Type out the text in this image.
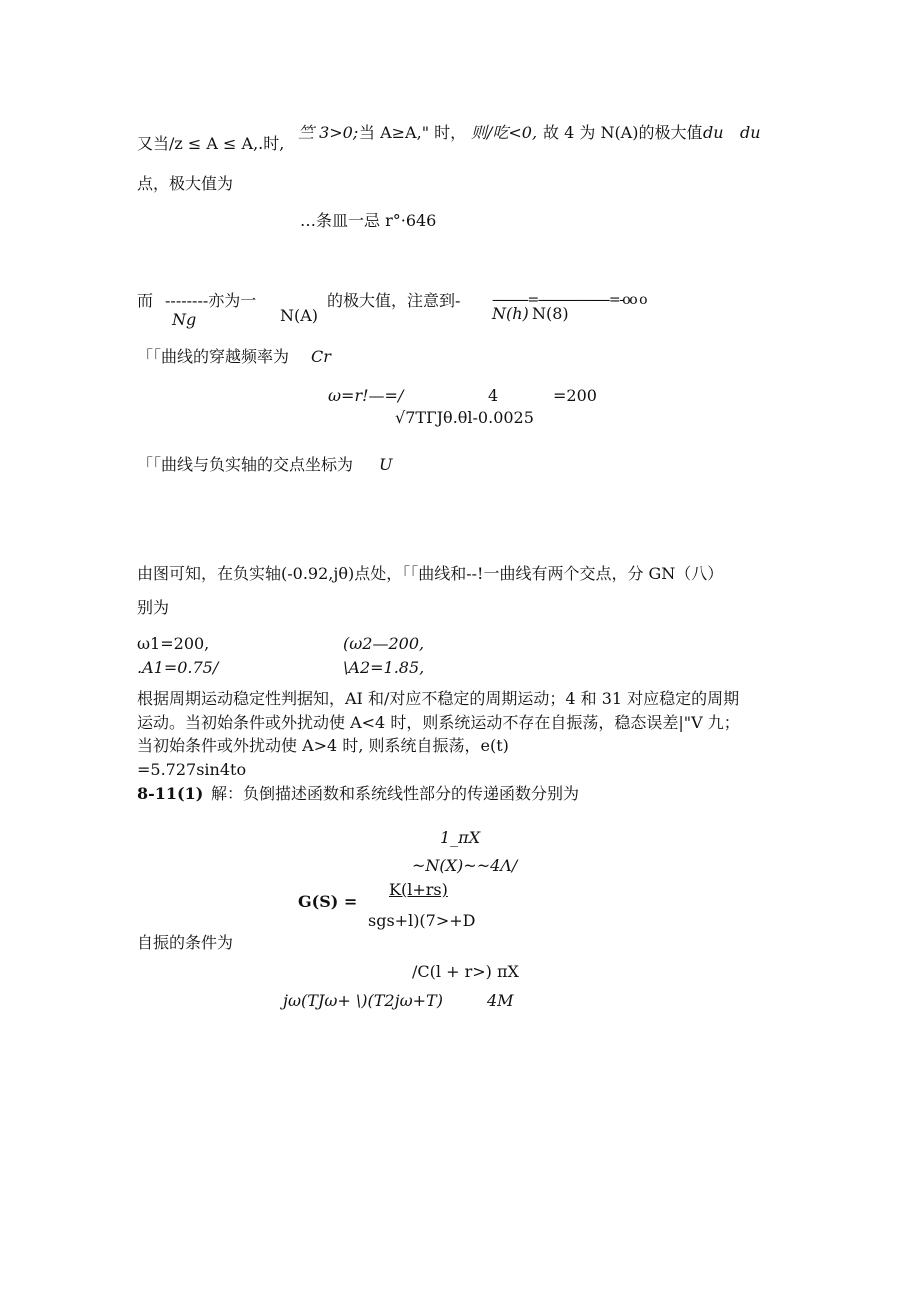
又当/z ≤ A ≤ A,.时,
竺 3>0; 当 A≥A," 时， 则/吃<0, 故 4 为 N(A)的极大值 du du
点，极大值为
…条皿一忌 r°·646
而 --------亦为一	的极大值，注意到- -----------=----------------------=-oo o
Ng	N(A)	N(h) N(8)
「「曲线的穿越频率为 Cr
ω=r!—=/	4	=200
√7TГJθ.θl-0.0025
「「曲线与负实轴的交点坐标为 U
由图可知，在负实轴(-0.92,jθ)点处，「「曲线和--!一曲线有两个交点，分 GN（八）
别为
ω1=200,	(ω2—200,
.A1=0.75/	\A2=1.85,
根据周期运动稳定性判据知，AI 和/对应不稳定的周期运动；4 和 31 对应稳定的周期
运动。当初始条件或外扰动使 A<4 时，则系统运动不存在自振荡，稳态误差|"V 九；
当初始条件或外扰动使 A>4 时, 则系统自振荡，e(t)
=5.727sin4to
8-11(1) 解：负倒描述函数和系统线性部分的传递函数分别为
1_πX
~N(X)~~4Λ/
G(S) =
K(l+rs)
sgs+l)(7>+D
自振的条件为
/C(l + r>) πX
jω(TJω+ \)(T2jω+T)	4M
